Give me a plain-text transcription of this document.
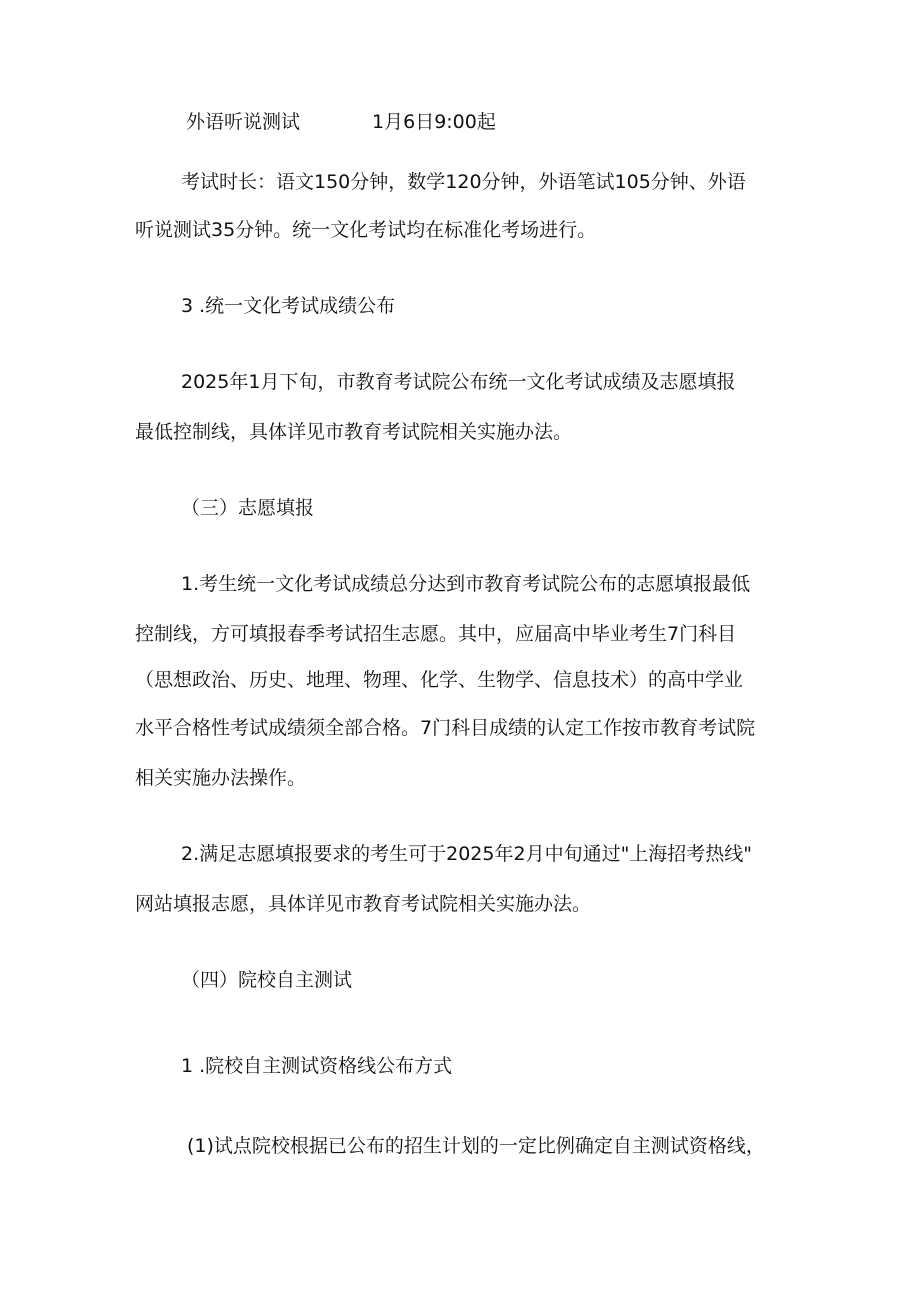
外语听说测试	1月6日9:00起
考试时长：语文150分钟，数学120分钟，外语笔试105分钟、外语
听说测试35分钟。统一文化考试均在标准化考场进行。
3 .统一文化考试成绩公布
2025年1月下旬，市教育考试院公布统一文化考试成绩及志愿填报
最低控制线，具体详见市教育考试院相关实施办法。
（三）志愿填报
1.考生统一文化考试成绩总分达到市教育考试院公布的志愿填报最低
控制线，方可填报春季考试招生志愿。其中，应届高中毕业考生7门科目
（思想政治、历史、地理、物理、化学、生物学、信息技术）的高中学业
水平合格性考试成绩须全部合格。7门科目成绩的认定工作按市教育考试院
相关实施办法操作。
2.满足志愿填报要求的考生可于2025年2月中旬通过"上海招考热线"
网站填报志愿，具体详见市教育考试院相关实施办法。
（四）院校自主测试
1 .院校自主测试资格线公布方式
(1)试点院校根据已公布的招生计划的一定比例确定自主测试资格线，
